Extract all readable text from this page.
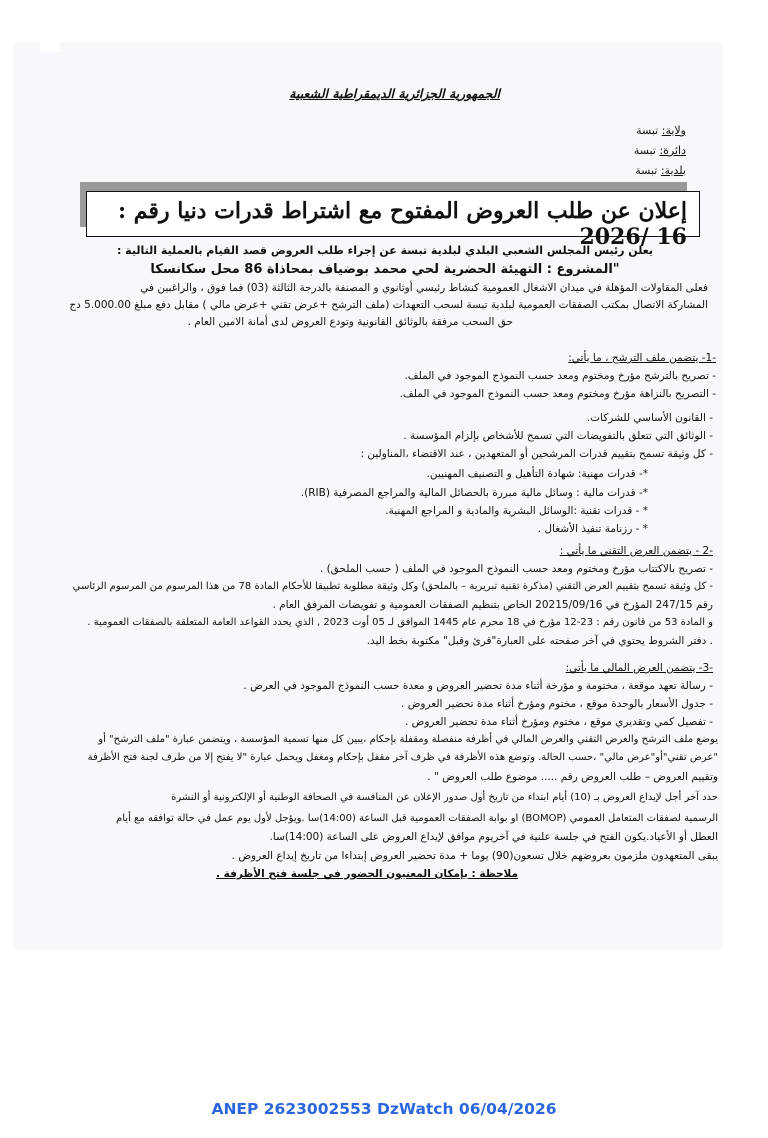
الجمهورية الجزائرية الديمقراطية الشعبية
ولاية: تبسة
دائرة: تبسة
بلدية: تبسة
إعلان عن طلب العروض المفتوح مع اشتراط قدرات دنيا رقم : 16 /2026
يعلن رئيس المجلس الشعبي البلدي لبلدية تبسة عن إجراء طلب العروض قصد القيام بالعملية التالية :
"المشروع : التهيئة الحضرية لحي محمد بوضياف بمحاذاة 86 محل سكانسكا
فعلى المقاولات المؤهلة في ميدان الاشغال العمومية كنشاط رئيسي أوثانوي و المصنفة بالدرجة الثالثة (03) فما فوق ، والراغبين في
المشاركة الاتصال بمكتب الصفقات العمومية لبلدية تبسة لسحب التعهدات (ملف الترشح +عرض تقني +عرض مالي ) مقابل دفع مبلغ 5.000.00 دج
حق السحب مرفقة بالوثائق القانونية وتودع العروض لدى أمانة الامين العام .
-1- يتضمن ملف الترشح ، ما يأتي:
- تصريح بالترشح مؤرخ ومختوم ومعد حسب النموذج الموجود في الملف.
- التصريح بالنزاهة مؤرخ ومختوم ومعد حسب النموذج الموجود في الملف.
- القانون الأساسي للشركات.
- الوثائق التي تتعلق بالتفويضات التي تسمح للأشخاص بإلزام المؤسسة .
- كل وثيقة تسمح بتقييم قدرات المرشحين أو المتعهدين ، عند الاقتضاء ،المناولين :
*- قدرات مهنية: شهادة التأهيل و التصنيف المهنيين.
*- قدرات مالية : وسائل مالية مبررة بالحصائل المالية والمراجع المصرفية (RIB).
* - قدرات تقنية :الوسائل البشرية والمادية و المراجع المهنية.
* - رزنامة تنفيذ الأشغال .
-2 - يتضمن العرض التقني ما يأتي :
- تصريح بالاكتتاب مؤرخ ومختوم ومعد حسب النموذج الموجود في الملف ( حسب الملحق) .
- كل وثيقة تسمح بتقييم العرض التقني (مذكرة تقنية تبريرية – بالملحق) وكل وثيقة مطلوبة تطبيقا للأحكام المادة 78 من هذا المرسوم من المرسوم الرئاسي
رقم 247/15 المؤرخ في 20215/09/16 الخاص بتنظيم الصفقات العمومية و تفويضات المرفق العام .
و المادة 53 من قانون رقم : 23-12 مؤرخ في 18 محرم عام 1445 الموافق لـ 05 أوت 2023 , الذي يحدد القواعد العامة المتعلقة بالصفقات العمومية .
. دفتر الشروط يحتوي في آخر صفحته على العبارة"قرئ وقبل" مكتوبة بخط اليد.
-3- يتضمن العرض المالي ما يأتي:
- رسالة تعهد موقعة ، مختومة و مؤرخة أثناء مدة تحضير العروض و معدة حسب النموذج الموجود في العرض .
- جدول الأسعار بالوحدة موقع ، مختوم ومؤرخ أثناء مدة تحضير العروض .
- تفصيل كمي وتقديري موقع ، مختوم ومؤرخ أثناء مدة تحضير العروض .
يوضع ملف الترشح والعرض التقني والعرض المالي في أظرفة منفصلة ومقفلة بإحكام ،يبين كل منها تسمية المؤسسة ، ويتضمن عبارة "ملف الترشح" أو
"عرض تقني"أو"عرض مالي" ،حسب الحالة. وتوضع هذه الأظرفة في ظرف آخر مقفل بإحكام ومغفل ويحمل عبارة "لا يفتح إلا من طرف لجنة فتح الأظرفة
وتقييم العروض – طلب العروض رقم ..... موضوع طلب العروض " .
حدد آخر أجل لإيداع العروض بـ (10) أيام ابتداء من تاريخ أول صدور الإعلان عن المنافسة في الصحافة الوطنية أو الإلكترونية أو النشرة
الرسمية لصفقات المتعامل العمومي (BOMOP) او بوابة الصفقات العمومية قبل الساعة (14:00)سا .ويؤجل لأول يوم عمل في حالة توافقه مع أيام
العطل أو الأعياد.يكون الفتح في جلسة علنية في آخريوم موافق لإيداع العروض على الساعة (14:00)سا.
يبقى المتعهدون ملزمون بعروضهم خلال تسعون(90) يوما + مدة تحضير العروض إبتداءا من تاريخ إيداع العروض .
ملاحظة : بإمكان المعنيون الحضور في جلسة فتح الأظرفة .
ANEP 2623002553 DzWatch 06/04/2026
